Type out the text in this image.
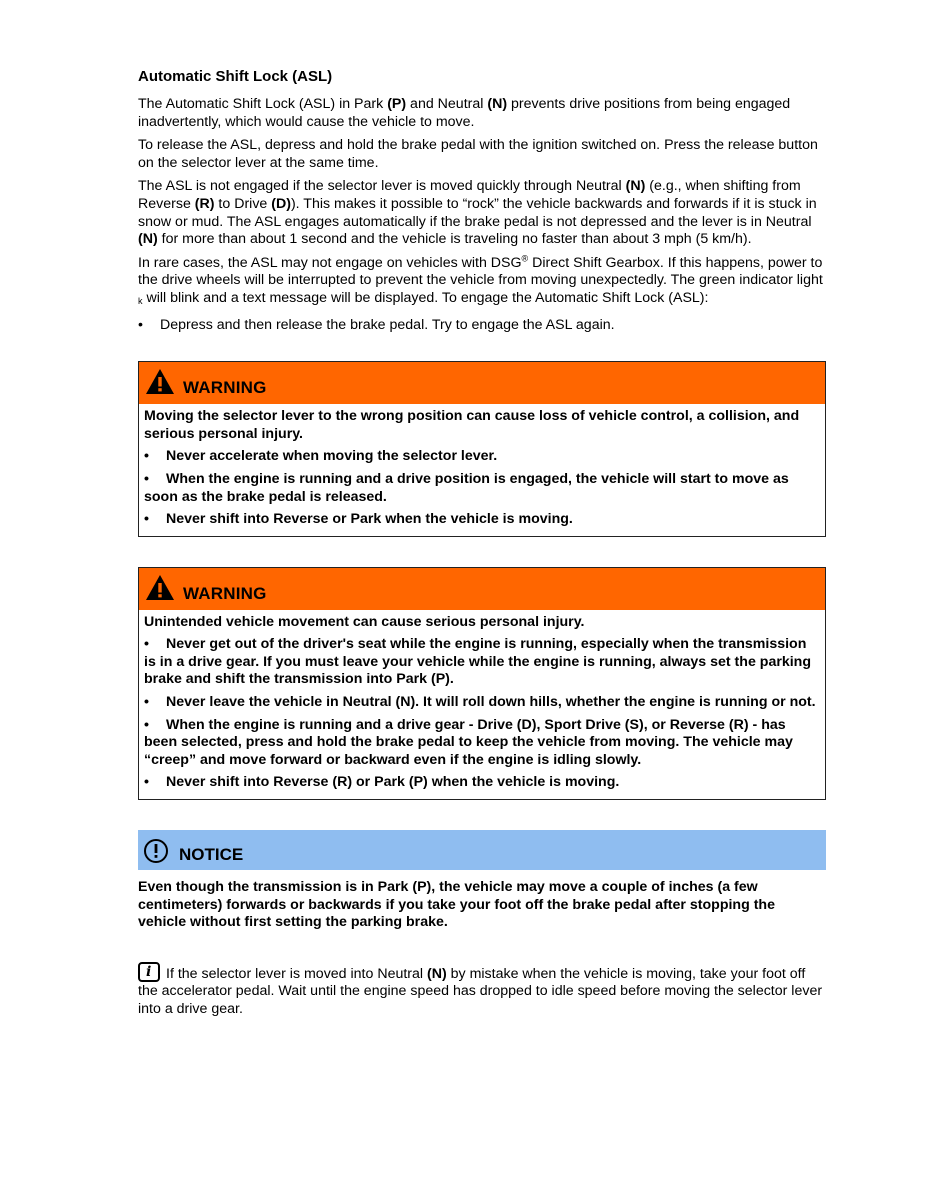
Automatic Shift Lock (ASL)

The Automatic Shift Lock (ASL) in Park (P) and Neutral (N) prevents drive positions from being engaged inadvertently, which would cause the vehicle to move.

To release the ASL, depress and hold the brake pedal with the ignition switched on. Press the release button on the selector lever at the same time.

The ASL is not engaged if the selector lever is moved quickly through Neutral (N) (e.g., when shifting from Reverse (R) to Drive (D)). This makes it possible to “rock” the vehicle backwards and forwards if it is stuck in snow or mud. The ASL engages automatically if the brake pedal is not depressed and the lever is in Neutral (N) for more than about 1 second and the vehicle is traveling no faster than about 3 mph (5 km/h).

In rare cases, the ASL may not engage on vehicles with DSG® Direct Shift Gearbox. If this happens, power to the drive wheels will be interrupted to prevent the vehicle from moving unexpectedly. The green indicator light k will blink and a text message will be displayed. To engage the Automatic Shift Lock (ASL):

•	Depress and then release the brake pedal. Try to engage the ASL again.
WARNING

Moving the selector lever to the wrong position can cause loss of vehicle control, a collision, and serious personal injury.

• Never accelerate when moving the selector lever.
• When the engine is running and a drive position is engaged, the vehicle will start to move as soon as the brake pedal is released.
• Never shift into Reverse or Park when the vehicle is moving.
WARNING

Unintended vehicle movement can cause serious personal injury.

• Never get out of the driver's seat while the engine is running, especially when the transmission is in a drive gear. If you must leave your vehicle while the engine is running, always set the parking brake and shift the transmission into Park (P).
• Never leave the vehicle in Neutral (N). It will roll down hills, whether the engine is running or not.
• When the engine is running and a drive gear - Drive (D), Sport Drive (S), or Reverse (R) - has been selected, press and hold the brake pedal to keep the vehicle from moving. The vehicle may “creep” and move forward or backward even if the engine is idling slowly.
• Never shift into Reverse (R) or Park (P) when the vehicle is moving.
NOTICE
Even though the transmission is in Park (P), the vehicle may move a couple of inches (a few centimeters) forwards or backwards if you take your foot off the brake pedal after stopping the vehicle without first setting the parking brake.
i If the selector lever is moved into Neutral (N) by mistake when the vehicle is moving, take your foot off the accelerator pedal. Wait until the engine speed has dropped to idle speed before moving the selector lever into a drive gear.
